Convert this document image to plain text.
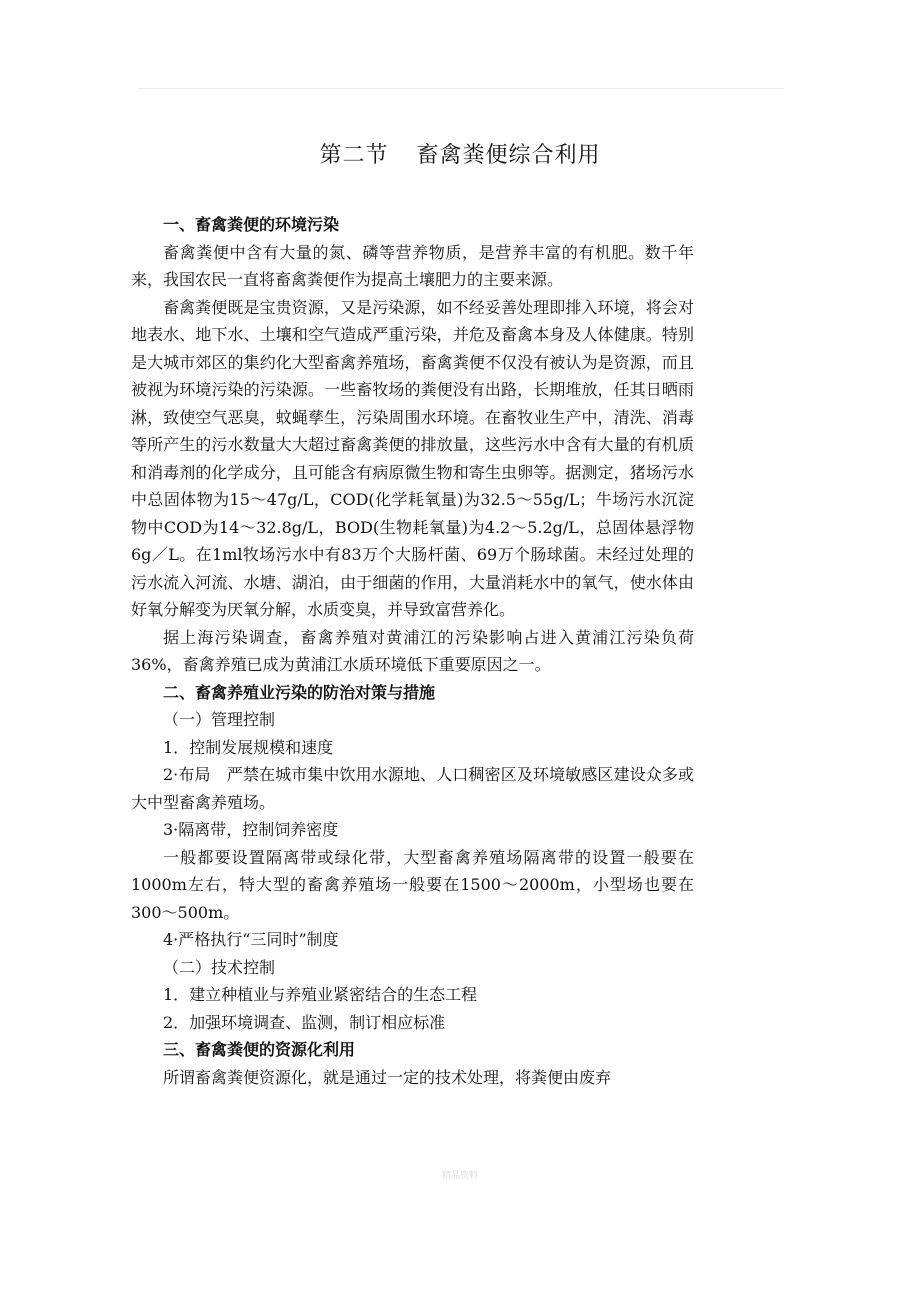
第二节 畜禽粪便综合利用

一、畜禽粪便的环境污染

畜禽粪便中含有大量的氮、磷等营养物质，是营养丰富的有机肥。数千年来，我国农民一直将畜禽粪便作为提高土壤肥力的主要来源。

畜禽粪便既是宝贵资源，又是污染源，如不经妥善处理即排入环境，将会对地表水、地下水、土壤和空气造成严重污染，并危及畜禽本身及人体健康。特别是大城市郊区的集约化大型畜禽养殖场，畜禽粪便不仅没有被认为是资源，而且被视为环境污染的污染源。一些畜牧场的粪便没有出路，长期堆放，任其日晒雨淋，致使空气恶臭，蚊蝇孳生，污染周围水环境。在畜牧业生产中，清洗、消毒等所产生的污水数量大大超过畜禽粪便的排放量，这些污水中含有大量的有机质和消毒剂的化学成分，且可能含有病原微生物和寄生虫卵等。据测定，猪场污水中总固体物为15～47g/L，COD(化学耗氧量)为32.5～55g/L；牛场污水沉淀物中COD为14～32.8g/L，BOD(生物耗氧量)为4.2～5.2g/L，总固体悬浮物6g／L。在1ml牧场污水中有83万个大肠杆菌、69万个肠球菌。未经过处理的污水流入河流、水塘、湖泊，由于细菌的作用，大量消耗水中的氧气，使水体由好氧分解变为厌氧分解，水质变臭，并导致富营养化。

据上海污染调查，畜禽养殖对黄浦江的污染影响占进入黄浦江污染负荷36%，畜禽养殖已成为黄浦江水质环境低下重要原因之一。

二、畜禽养殖业污染的防治对策与措施

（一）管理控制

1．控制发展规模和速度

2·布局　严禁在城市集中饮用水源地、人口稠密区及环境敏感区建设众多或大中型畜禽养殖场。

3·隔离带，控制饲养密度

一般都要设置隔离带或绿化带，大型畜禽养殖场隔离带的设置一般要在1000m左右，特大型的畜禽养殖场一般要在1500～2000m，小型场也要在300～500m。

4·严格执行“三同时”制度

（二）技术控制

1．建立种植业与养殖业紧密结合的生态工程

2．加强环境调查、监测，制订相应标准

三、畜禽粪便的资源化利用

所谓畜禽粪便资源化，就是通过一定的技术处理，将粪便由废弃

精品资料
